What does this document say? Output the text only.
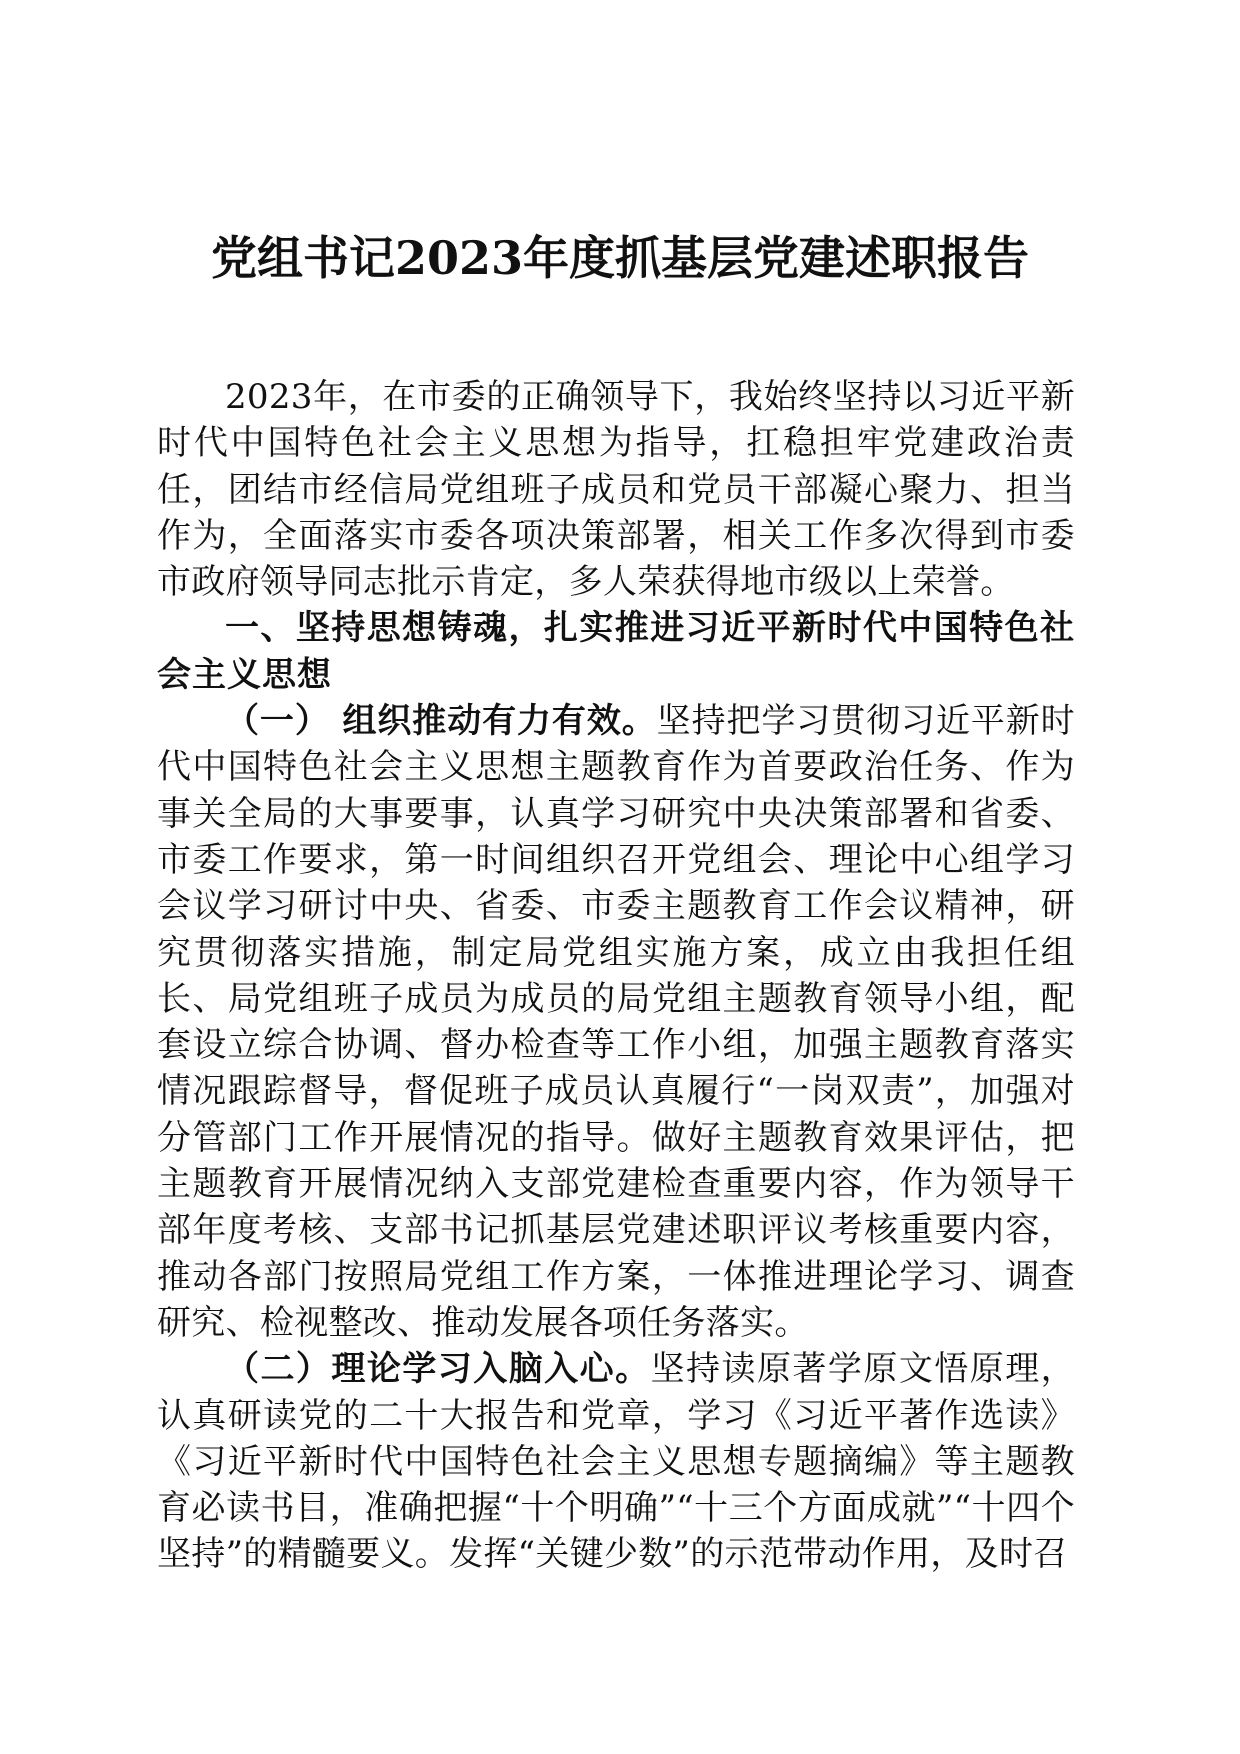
党组书记2023年度抓基层党建述职报告

2023年，在市委的正确领导下，我始终坚持以习近平新时代中国特色社会主义思想为指导，扛稳担牢党建政治责任，团结市经信局党组班子成员和党员干部凝心聚力、担当作为，全面落实市委各项决策部署，相关工作多次得到市委市政府领导同志批示肯定，多人荣获得地市级以上荣誉。

一、坚持思想铸魂，扎实推进习近平新时代中国特色社会主义思想

（一） 组织推动有力有效。坚持把学习贯彻习近平新时代中国特色社会主义思想主题教育作为首要政治任务、作为事关全局的大事要事，认真学习研究中央决策部署和省委、市委工作要求，第一时间组织召开党组会、理论中心组学习会议学习研讨中央、省委、市委主题教育工作会议精神，研究贯彻落实措施，制定局党组实施方案，成立由我担任组长、局党组班子成员为成员的局党组主题教育领导小组，配套设立综合协调、督办检查等工作小组，加强主题教育落实情况跟踪督导，督促班子成员认真履行“一岗双责”，加强对分管部门工作开展情况的指导。做好主题教育效果评估，把主题教育开展情况纳入支部党建检查重要内容，作为领导干部年度考核、支部书记抓基层党建述职评议考核重要内容，推动各部门按照局党组工作方案，一体推进理论学习、调查研究、检视整改、推动发展各项任务落实。

（二）理论学习入脑入心。坚持读原著学原文悟原理，认真研读党的二十大报告和党章，学习《习近平著作选读》《习近平新时代中国特色社会主义思想专题摘编》等主题教育必读书目，准确把握“十个明确”“十三个方面成就”“十四个坚持”的精髓要义。发挥“关键少数”的示范带动作用，及时召
